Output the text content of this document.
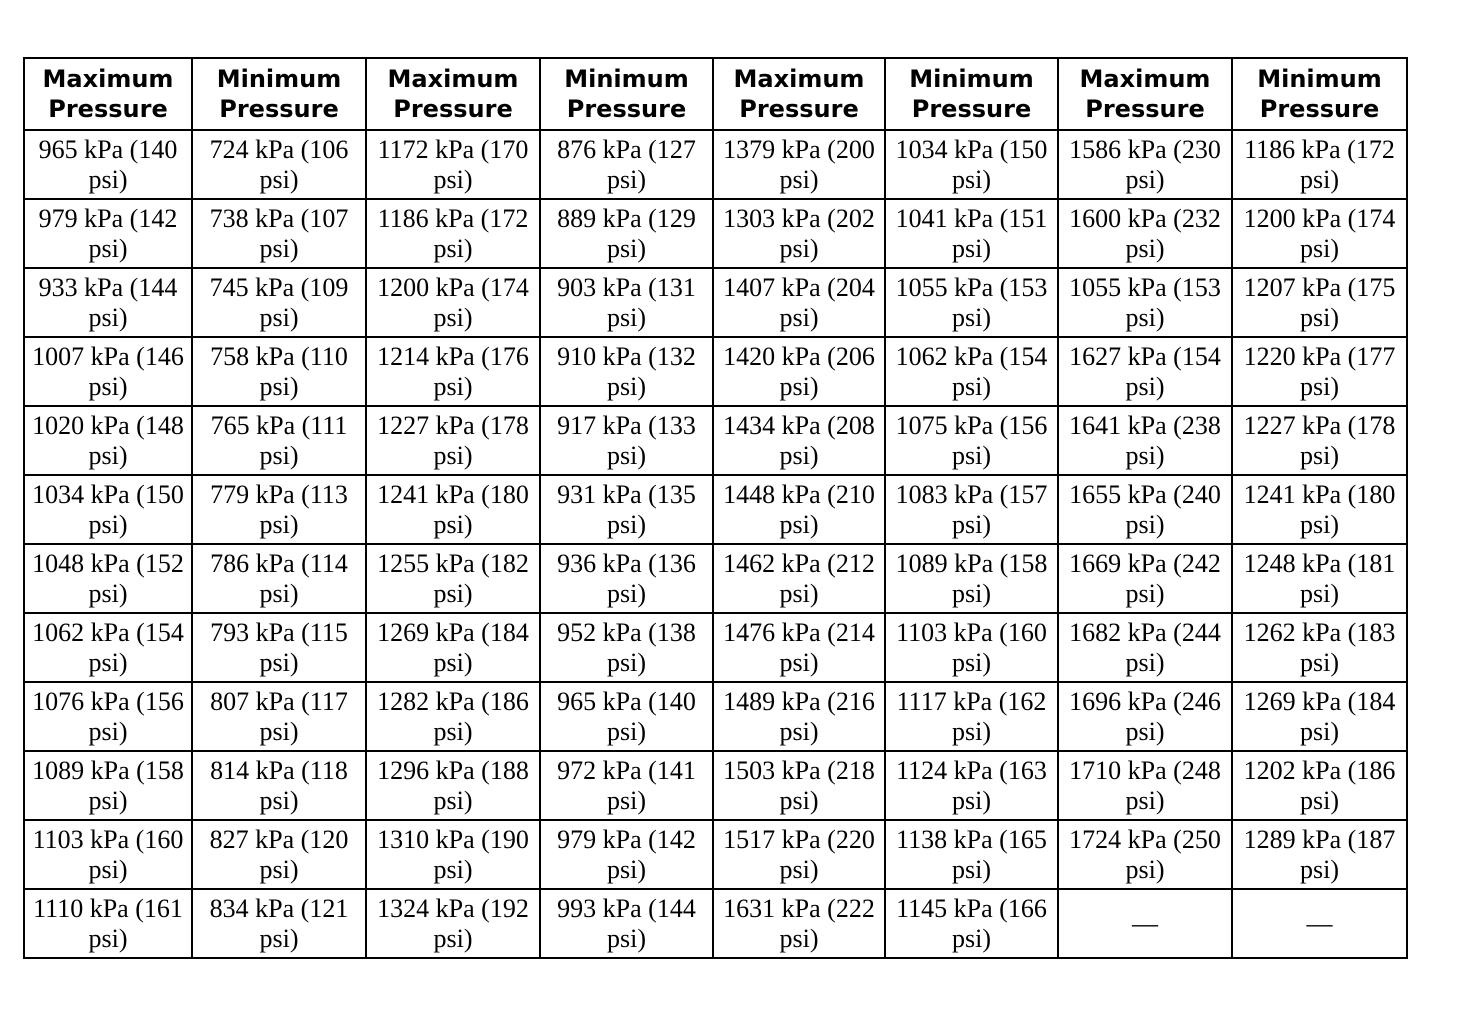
Maximum Pressure	Minimum Pressure	Maximum Pressure	Minimum Pressure	Maximum Pressure	Minimum Pressure	Maximum Pressure	Minimum Pressure
965 kPa (140 psi)	724 kPa (106 psi)	1172 kPa (170 psi)	876 kPa (127 psi)	1379 kPa (200 psi)	1034 kPa (150 psi)	1586 kPa (230 psi)	1186 kPa (172 psi)
979 kPa (142 psi)	738 kPa (107 psi)	1186 kPa (172 psi)	889 kPa (129 psi)	1303 kPa (202 psi)	1041 kPa (151 psi)	1600 kPa (232 psi)	1200 kPa (174 psi)
933 kPa (144 psi)	745 kPa (109 psi)	1200 kPa (174 psi)	903 kPa (131 psi)	1407 kPa (204 psi)	1055 kPa (153 psi)	1055 kPa (153 psi)	1207 kPa (175 psi)
1007 kPa (146 psi)	758 kPa (110 psi)	1214 kPa (176 psi)	910 kPa (132 psi)	1420 kPa (206 psi)	1062 kPa (154 psi)	1627 kPa (154 psi)	1220 kPa (177 psi)
1020 kPa (148 psi)	765 kPa (111 psi)	1227 kPa (178 psi)	917 kPa (133 psi)	1434 kPa (208 psi)	1075 kPa (156 psi)	1641 kPa (238 psi)	1227 kPa (178 psi)
1034 kPa (150 psi)	779 kPa (113 psi)	1241 kPa (180 psi)	931 kPa (135 psi)	1448 kPa (210 psi)	1083 kPa (157 psi)	1655 kPa (240 psi)	1241 kPa (180 psi)
1048 kPa (152 psi)	786 kPa (114 psi)	1255 kPa (182 psi)	936 kPa (136 psi)	1462 kPa (212 psi)	1089 kPa (158 psi)	1669 kPa (242 psi)	1248 kPa (181 psi)
1062 kPa (154 psi)	793 kPa (115 psi)	1269 kPa (184 psi)	952 kPa (138 psi)	1476 kPa (214 psi)	1103 kPa (160 psi)	1682 kPa (244 psi)	1262 kPa (183 psi)
1076 kPa (156 psi)	807 kPa (117 psi)	1282 kPa (186 psi)	965 kPa (140 psi)	1489 kPa (216 psi)	1117 kPa (162 psi)	1696 kPa (246 psi)	1269 kPa (184 psi)
1089 kPa (158 psi)	814 kPa (118 psi)	1296 kPa (188 psi)	972 kPa (141 psi)	1503 kPa (218 psi)	1124 kPa (163 psi)	1710 kPa (248 psi)	1202 kPa (186 psi)
1103 kPa (160 psi)	827 kPa (120 psi)	1310 kPa (190 psi)	979 kPa (142 psi)	1517 kPa (220 psi)	1138 kPa (165 psi)	1724 kPa (250 psi)	1289 kPa (187 psi)
1110 kPa (161 psi)	834 kPa (121 psi)	1324 kPa (192 psi)	993 kPa (144 psi)	1631 kPa (222 psi)	1145 kPa (166 psi)	—	—
